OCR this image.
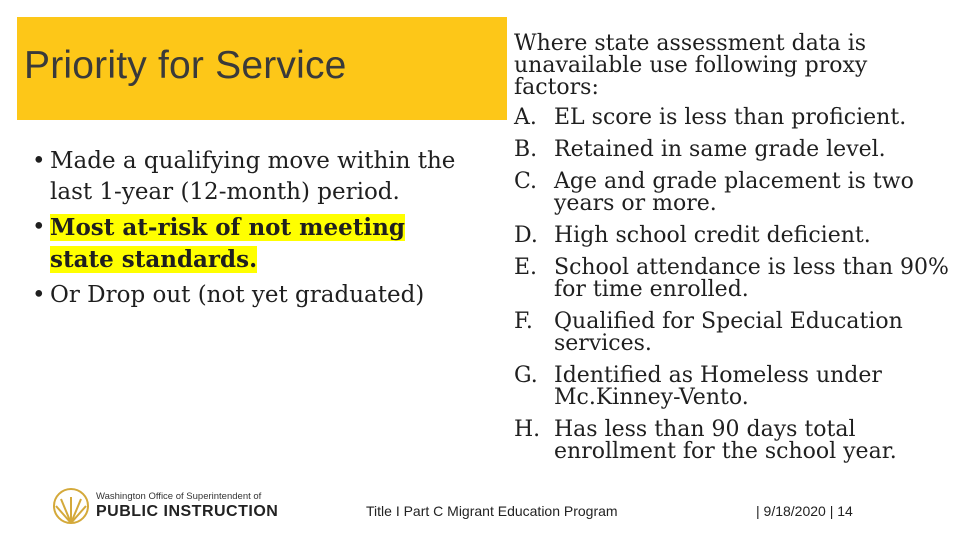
Priority for Service
• Made a qualifying move within the last 1-year (12-month) period.
• Most at-risk of not meeting state standards.
• Or Drop out (not yet graduated)
Where state assessment data is unavailable use following proxy factors:
A. EL score is less than proficient.
B. Retained in same grade level.
C. Age and grade placement is two years or more.
D. High school credit deficient.
E. School attendance is less than 90% for time enrolled.
F. Qualified for Special Education services.
G. Identified as Homeless under Mc.Kinney-Vento.
H. Has less than 90 days total enrollment for the school year.
Washington Office of Superintendent of
PUBLIC INSTRUCTION	Title I Part C Migrant Education Program	| 9/18/2020 | 14
